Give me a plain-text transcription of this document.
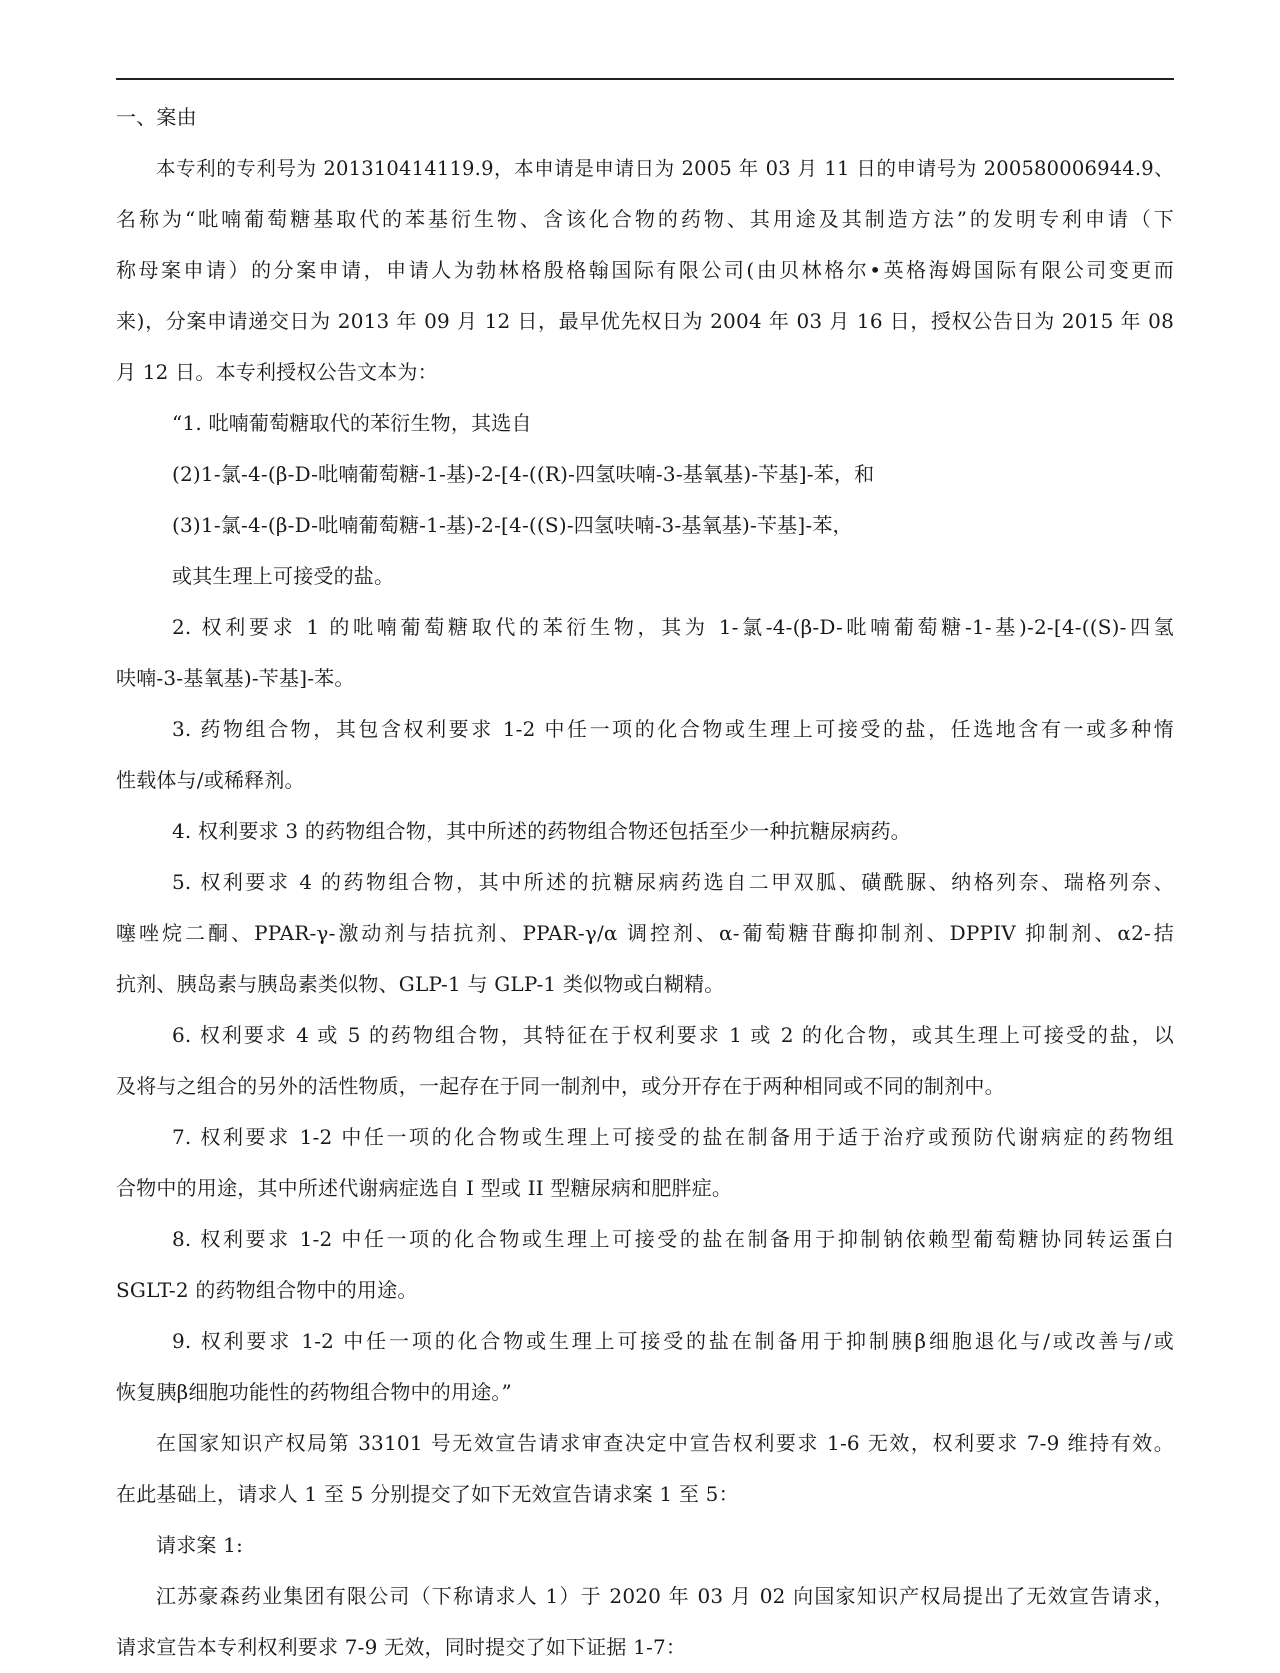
一、案由
本专利的专利号为 201310414119.9，本申请是申请日为 2005 年 03 月 11 日的申请号为 200580006944.9、
名称为“吡喃葡萄糖基取代的苯基衍生物、含该化合物的药物、其用途及其制造方法”的发明专利申请（下
称母案申请）的分案申请，申请人为勃林格殷格翰国际有限公司(由贝林格尔•英格海姆国际有限公司变更而
来)，分案申请递交日为 2013 年 09 月 12 日，最早优先权日为 2004 年 03 月 16 日，授权公告日为 2015 年 08
月 12 日。本专利授权公告文本为：
“1. 吡喃葡萄糖取代的苯衍生物，其选自
(2)1-氯-4-(β-D-吡喃葡萄糖-1-基)-2-[4-((R)-四氢呋喃-3-基氧基)-苄基]-苯，和
(3)1-氯-4-(β-D-吡喃葡萄糖-1-基)-2-[4-((S)-四氢呋喃-3-基氧基)-苄基]-苯，
或其生理上可接受的盐。
2. 权利要求 1 的吡喃葡萄糖取代的苯衍生物，其为 1-氯-4-(β-D-吡喃葡萄糖-1-基)-2-[4-((S)-四氢
呋喃-3-基氧基)-苄基]-苯。
3. 药物组合物，其包含权利要求 1-2 中任一项的化合物或生理上可接受的盐，任选地含有一或多种惰
性载体与/或稀释剂。
4. 权利要求 3 的药物组合物，其中所述的药物组合物还包括至少一种抗糖尿病药。
5. 权利要求 4 的药物组合物，其中所述的抗糖尿病药选自二甲双胍、磺酰脲、纳格列奈、瑞格列奈、
噻唑烷二酮、PPAR-γ-激动剂与拮抗剂、PPAR-γ/α 调控剂、α-葡萄糖苷酶抑制剂、DPPIV 抑制剂、α2-拮
抗剂、胰岛素与胰岛素类似物、GLP-1 与 GLP-1 类似物或白糊精。
6. 权利要求 4 或 5 的药物组合物，其特征在于权利要求 1 或 2 的化合物，或其生理上可接受的盐，以
及将与之组合的另外的活性物质，一起存在于同一制剂中，或分开存在于两种相同或不同的制剂中。
7. 权利要求 1-2 中任一项的化合物或生理上可接受的盐在制备用于适于治疗或预防代谢病症的药物组
合物中的用途，其中所述代谢病症选自 I 型或 II 型糖尿病和肥胖症。
8. 权利要求 1-2 中任一项的化合物或生理上可接受的盐在制备用于抑制钠依赖型葡萄糖协同转运蛋白
SGLT-2 的药物组合物中的用途。
9. 权利要求 1-2 中任一项的化合物或生理上可接受的盐在制备用于抑制胰β细胞退化与/或改善与/或
恢复胰β细胞功能性的药物组合物中的用途。”
在国家知识产权局第 33101 号无效宣告请求审查决定中宣告权利要求 1-6 无效，权利要求 7-9 维持有效。
在此基础上，请求人 1 至 5 分别提交了如下无效宣告请求案 1 至 5：
请求案 1:
江苏豪森药业集团有限公司（下称请求人 1）于 2020 年 03 月 02 向国家知识产权局提出了无效宣告请求，
请求宣告本专利权利要求 7-9 无效，同时提交了如下证据 1-7：
